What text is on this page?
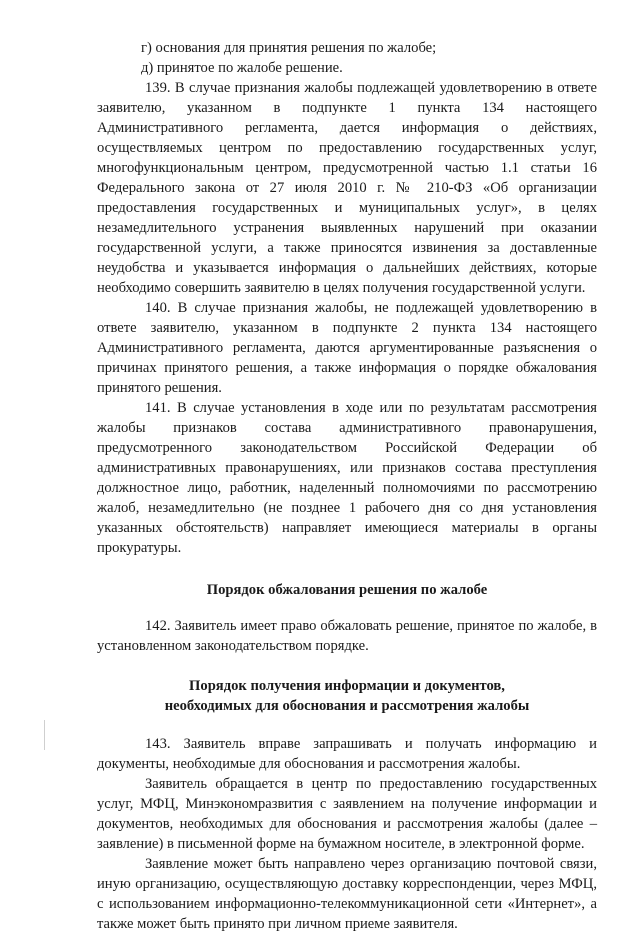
г) основания для принятия решения по жалобе;

д) принятое по жалобе решение.

139. В случае признания жалобы подлежащей удовлетворению в ответе заявителю, указанном в подпункте 1 пункта 134 настоящего Административного регламента, дается информация о действиях, осуществляемых центром по предоставлению государственных услуг, многофункциональным центром, предусмотренной частью 1.1 статьи 16 Федерального закона от 27 июля 2010 г. № 210-ФЗ «Об организации предоставления государственных и муниципальных услуг», в целях незамедлительного устранения выявленных нарушений при оказании государственной услуги, а также приносятся извинения за доставленные неудобства и указывается информация о дальнейших действиях, которые необходимо совершить заявителю в целях получения государственной услуги.

140. В случае признания жалобы, не подлежащей удовлетворению в ответе заявителю, указанном в подпункте 2 пункта 134 настоящего Административного регламента, даются аргументированные разъяснения о причинах принятого решения, а также информация о порядке обжалования принятого решения.

141. В случае установления в ходе или по результатам рассмотрения жалобы признаков состава административного правонарушения, предусмотренного законодательством Российской Федерации об административных правонарушениях, или признаков состава преступления должностное лицо, работник, наделенный полномочиями по рассмотрению жалоб, незамедлительно (не позднее 1 рабочего дня со дня установления указанных обстоятельств) направляет имеющиеся материалы в органы прокуратуры.

Порядок обжалования решения по жалобе

142. Заявитель имеет право обжаловать решение, принятое по жалобе, в установленном законодательством порядке.

Порядок получения информации и документов,
необходимых для обоснования и рассмотрения жалобы

143. Заявитель вправе запрашивать и получать информацию и документы, необходимые для обоснования и рассмотрения жалобы.

Заявитель обращается в центр по предоставлению государственных услуг, МФЦ, Минэкономразвития с заявлением на получение информации и документов, необходимых для обоснования и рассмотрения жалобы (далее – заявление) в письменной форме на бумажном носителе, в электронной форме.

Заявление может быть направлено через организацию почтовой связи, иную организацию, осуществляющую доставку корреспонденции, через МФЦ, с использованием информационно-телекоммуникационной сети «Интернет», а также может быть принято при личном приеме заявителя.
